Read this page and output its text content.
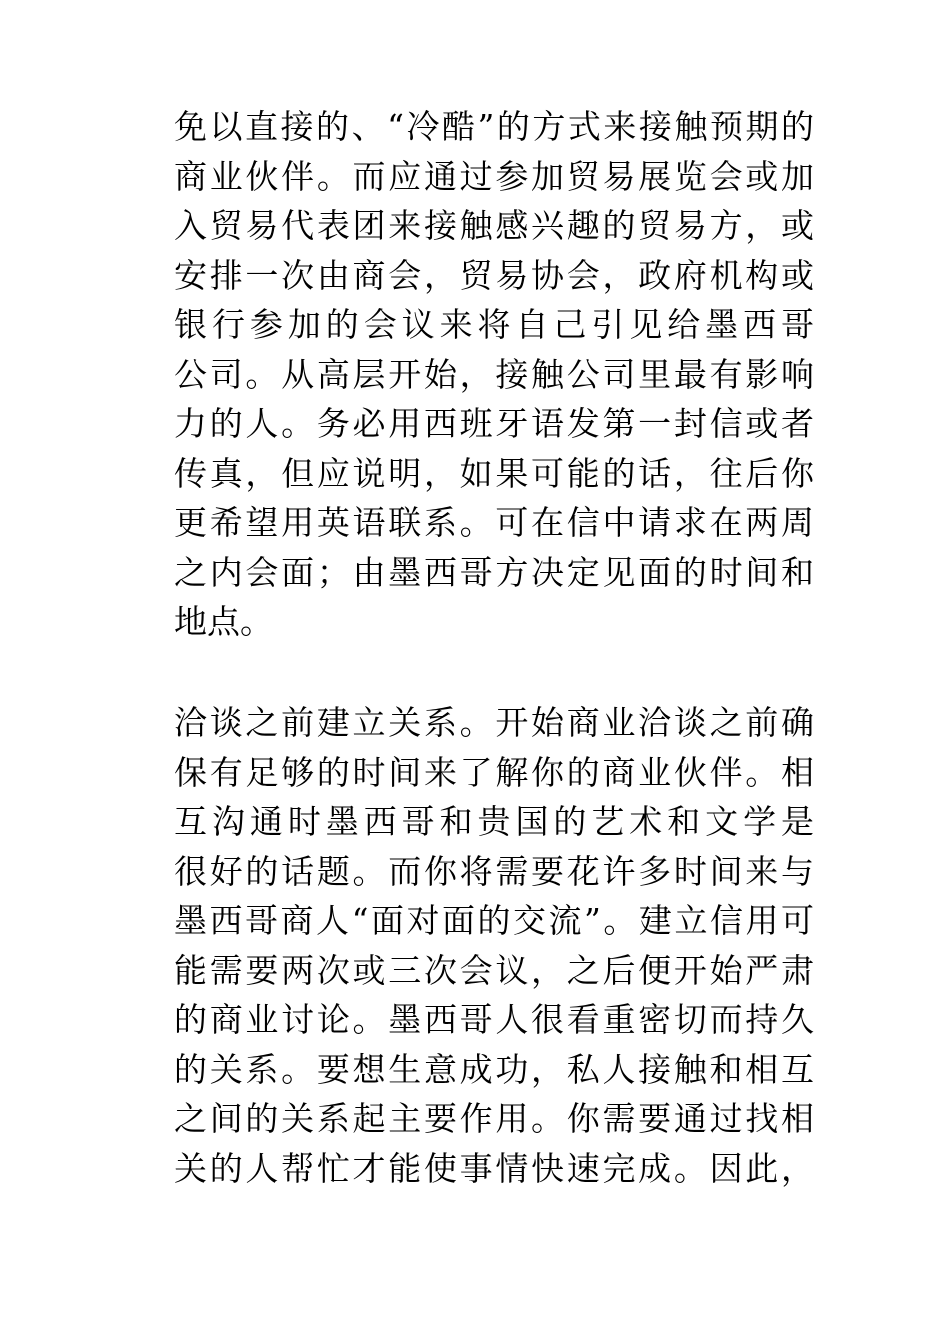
免以直接的、“冷酷”的方式来接触预期的
商业伙伴。而应通过参加贸易展览会或加
入贸易代表团来接触感兴趣的贸易方，或
安排一次由商会，贸易协会，政府机构或
银行参加的会议来将自己引见给墨西哥
公司。从高层开始，接触公司里最有影响
力的人。务必用西班牙语发第一封信或者
传真，但应说明，如果可能的话，往后你
更希望用英语联系。可在信中请求在两周
之内会面；由墨西哥方决定见面的时间和
地点。
洽谈之前建立关系。开始商业洽谈之前确
保有足够的时间来了解你的商业伙伴。相
互沟通时墨西哥和贵国的艺术和文学是
很好的话题。而你将需要花许多时间来与
墨西哥商人“面对面的交流”。建立信用可
能需要两次或三次会议，之后便开始严肃
的商业讨论。墨西哥人很看重密切而持久
的关系。要想生意成功，私人接触和相互
之间的关系起主要作用。你需要通过找相
关的人帮忙才能使事情快速完成。因此，
